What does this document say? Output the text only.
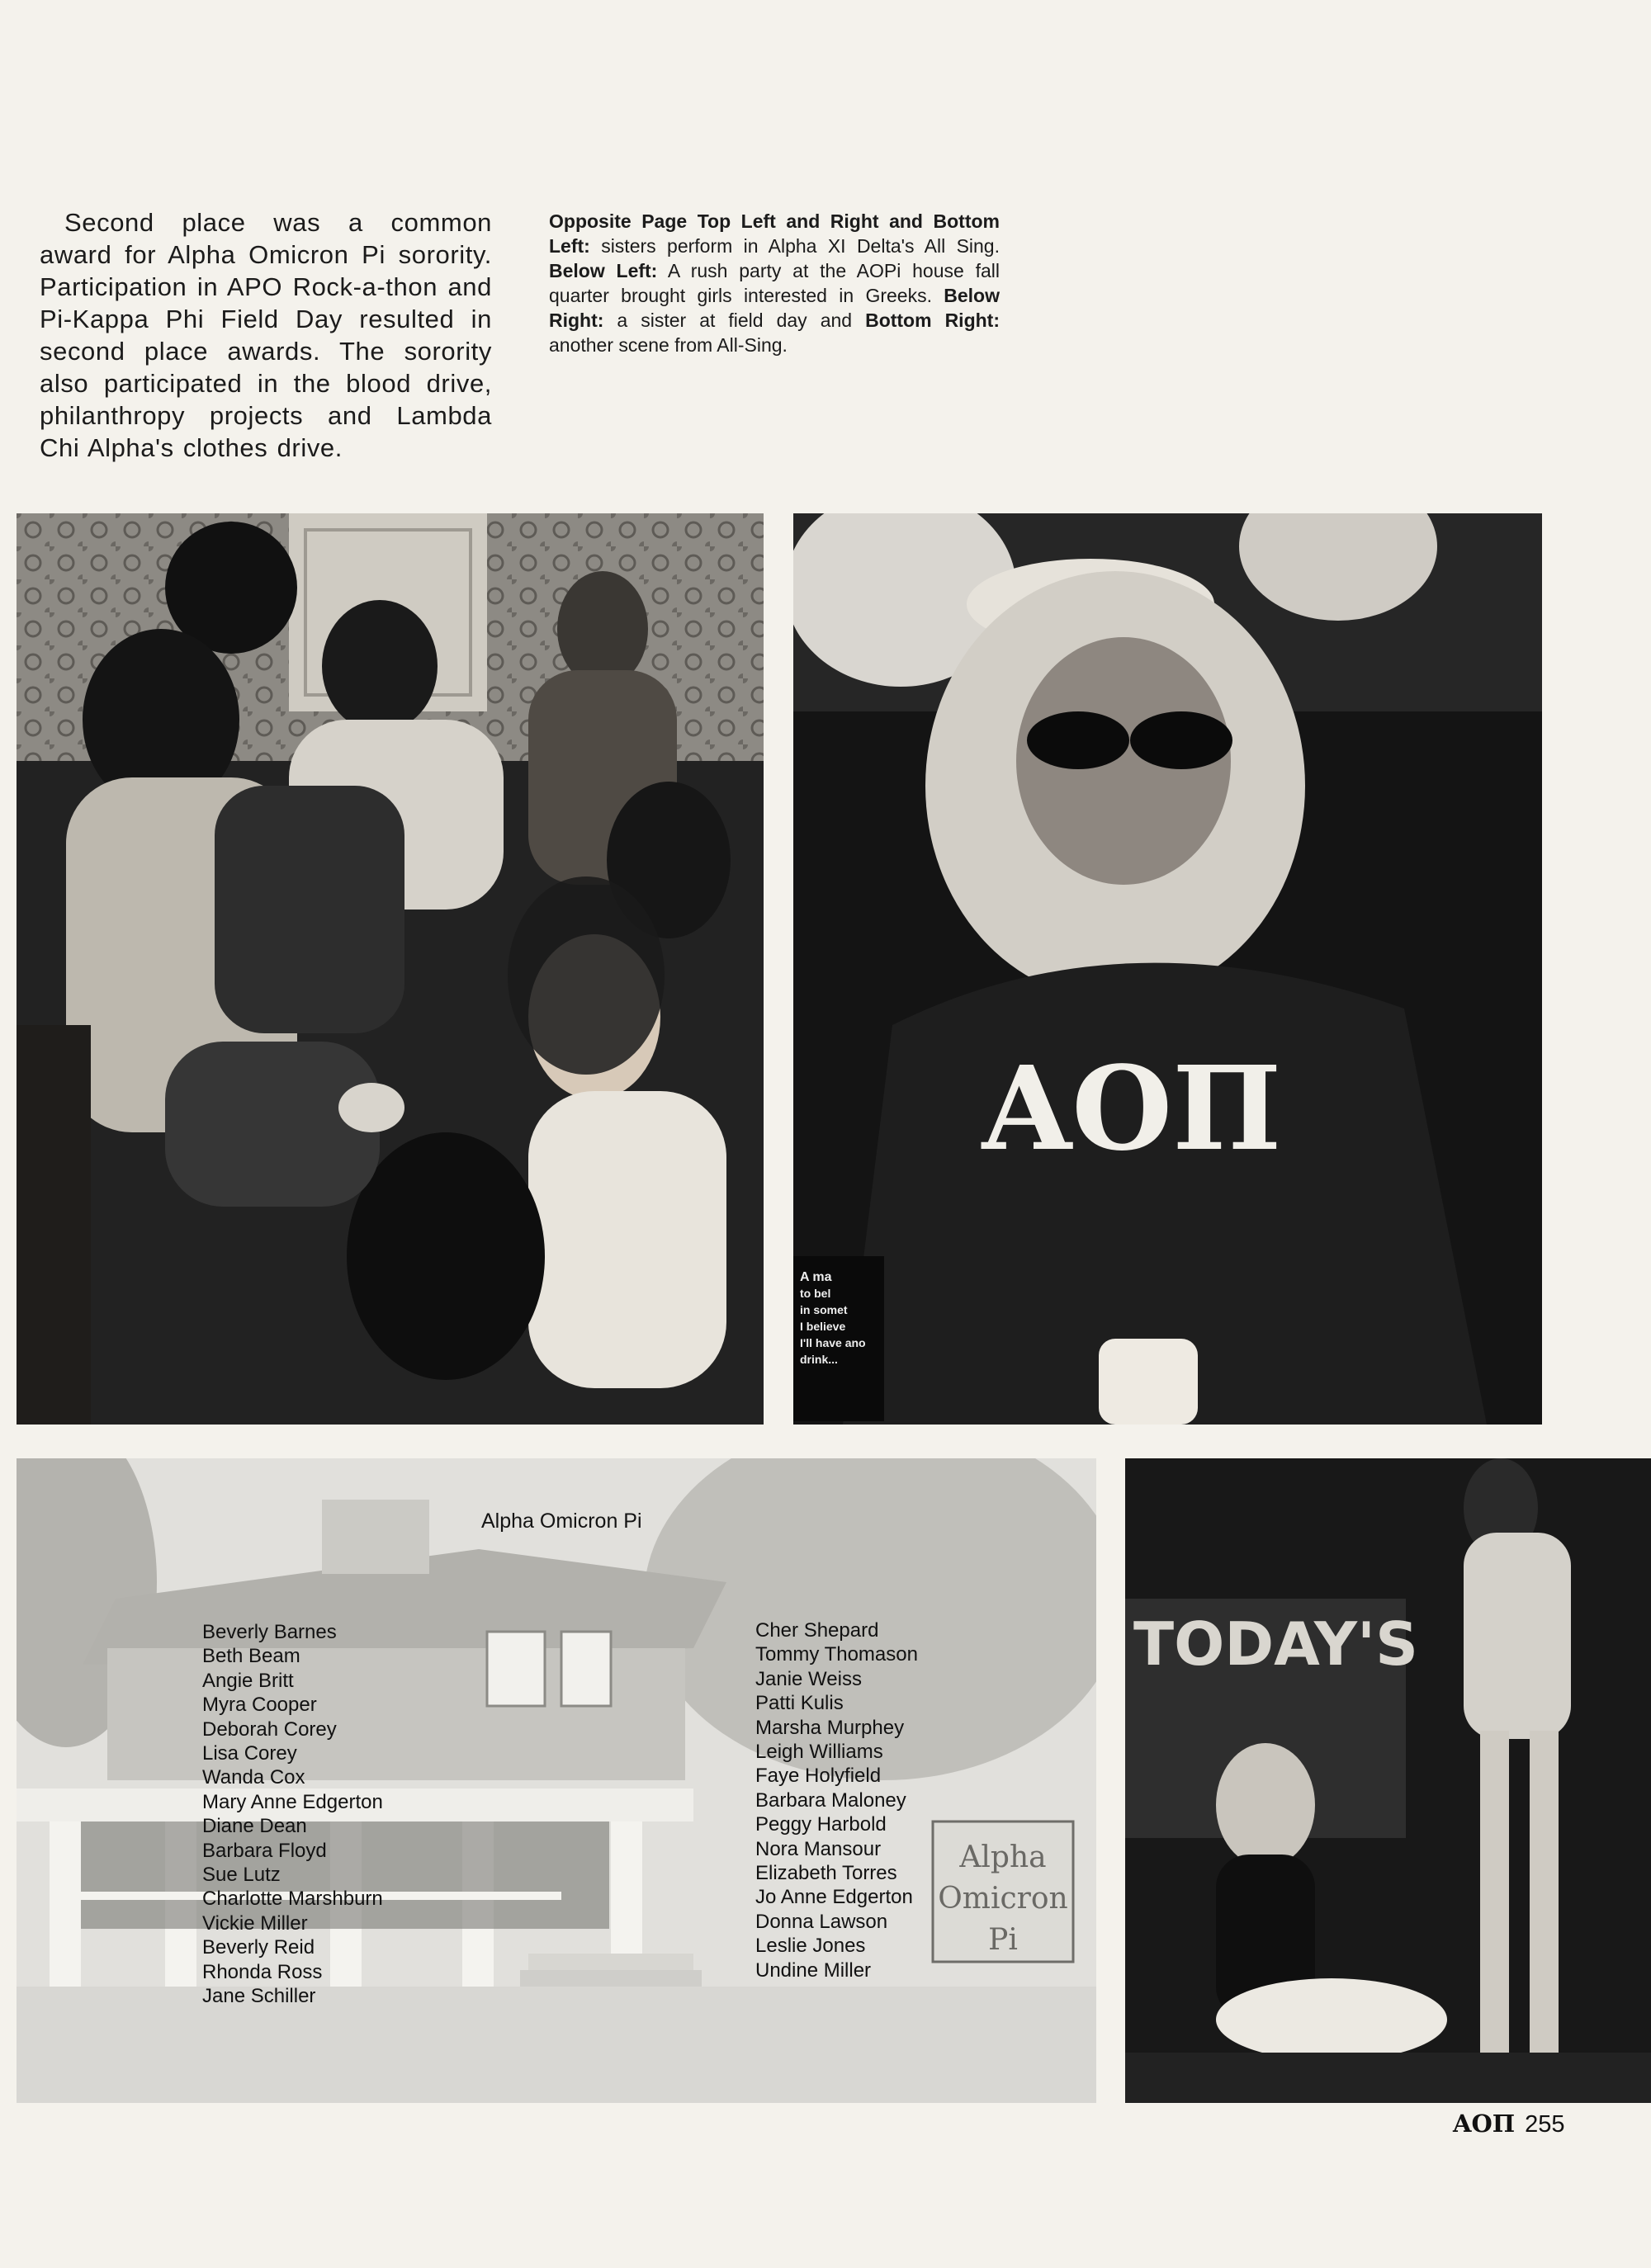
Second place was a common award for Alpha Omicron Pi sorority. Participation in APO Rock-a-thon and Pi-Kappa Phi Field Day resulted in second place awards. The sorority also participated in the blood drive, philanthropy projects and Lambda Chi Alpha's clothes drive.
Opposite Page Top Left and Right and Bottom Left: sisters perform in Alpha XI Delta's All Sing. Below Left: A rush party at the AOPi house fall quarter brought girls interested in Greeks. Below Right: a sister at field day and Bottom Right: another scene from All-Sing.
AOΠ
A ma
to bel
in somet
I believe
I'll have ano
drink...
Alpha
Omicron
Pi
TODAY'S
Alpha Omicron Pi
Beverly Barnes
Beth Beam
Angie Britt
Myra Cooper
Deborah Corey
Lisa Corey
Wanda Cox
Mary Anne Edgerton
Diane Dean
Barbara Floyd
Sue Lutz
Charlotte Marshburn
Vickie Miller
Beverly Reid
Rhonda Ross
Jane Schiller
Cher Shepard
Tommy Thomason
Janie Weiss
Patti Kulis
Marsha Murphey
Leigh Williams
Faye Holyfield
Barbara Maloney
Peggy Harbold
Nora Mansour
Elizabeth Torres
Jo Anne Edgerton
Donna Lawson
Leslie Jones
Undine Miller
AOΠ 255
